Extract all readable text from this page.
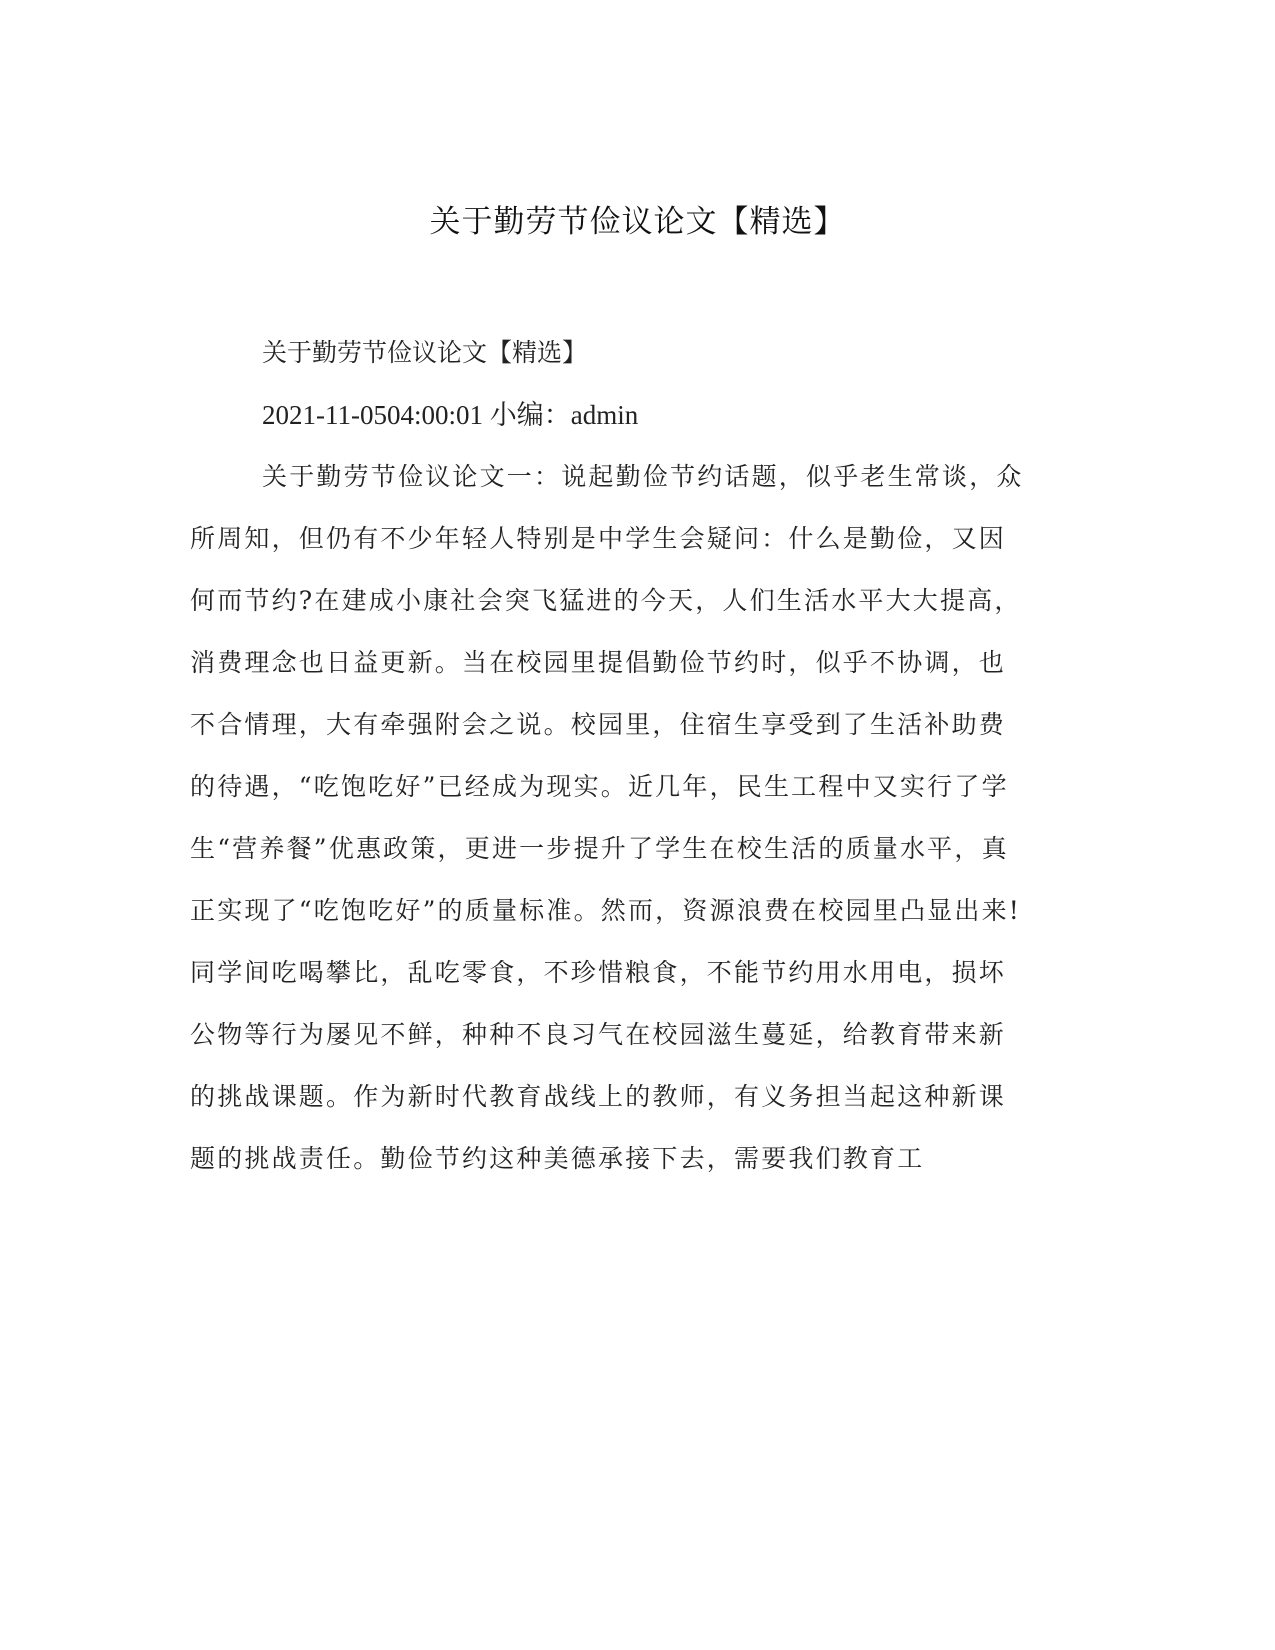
关于勤劳节俭议论文【精选】
关于勤劳节俭议论文【精选】
2021-11-0504:00:01 小编：admin
关于勤劳节俭议论文一：说起勤俭节约话题，似乎老生常谈，众
所周知，但仍有不少年轻人特别是中学生会疑问：什么是勤俭，又因
何而节约?在建成小康社会突飞猛进的今天，人们生活水平大大提高，
消费理念也日益更新。当在校园里提倡勤俭节约时，似乎不协调，也
不合情理，大有牵强附会之说。校园里，住宿生享受到了生活补助费
的待遇，“吃饱吃好”已经成为现实。近几年，民生工程中又实行了学
生“营养餐”优惠政策，更进一步提升了学生在校生活的质量水平，真
正实现了“吃饱吃好”的质量标准。然而，资源浪费在校园里凸显出来!
同学间吃喝攀比，乱吃零食，不珍惜粮食，不能节约用水用电，损坏
公物等行为屡见不鲜，种种不良习气在校园滋生蔓延，给教育带来新
的挑战课题。作为新时代教育战线上的教师，有义务担当起这种新课
题的挑战责任。勤俭节约这种美德承接下去，需要我们教育工
